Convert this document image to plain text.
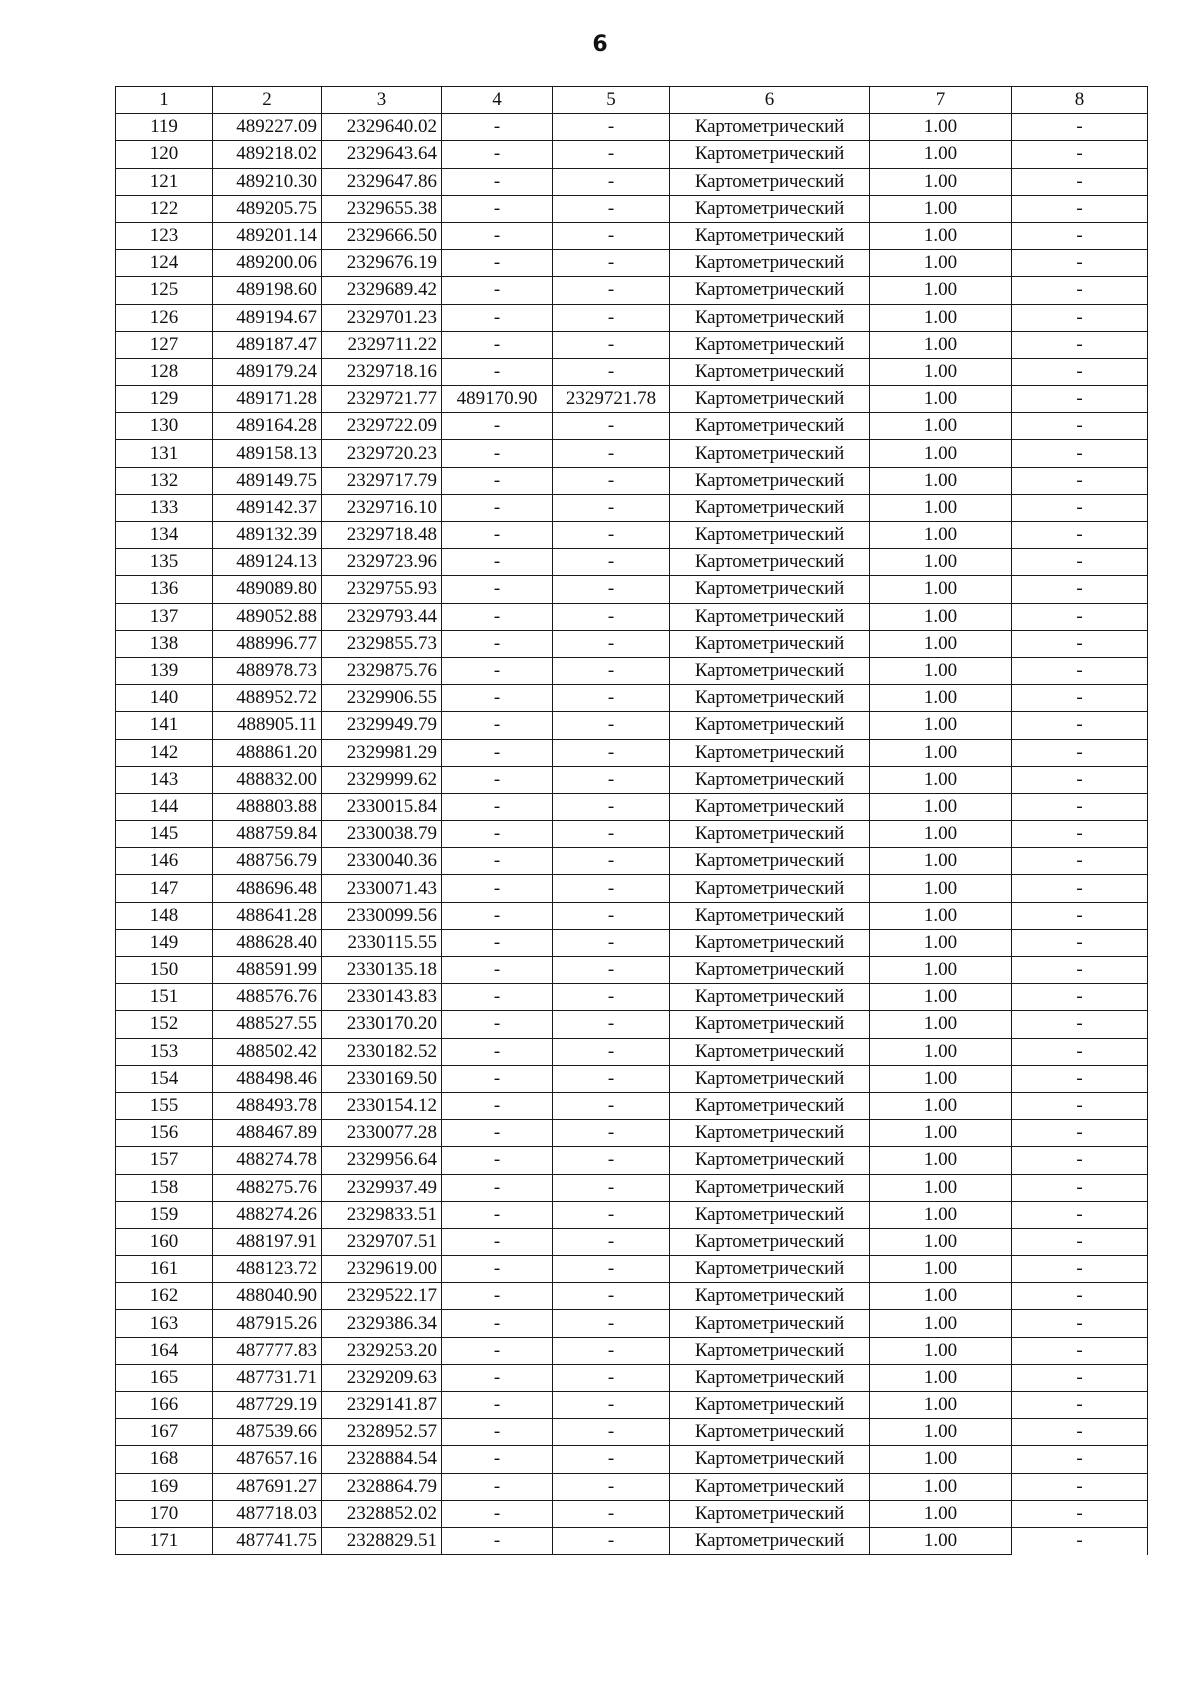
6
1	2	3	4	5	6	7	8
119	489227.09	2329640.02	-	-	Картометрический	1.00	-
120	489218.02	2329643.64	-	-	Картометрический	1.00	-
121	489210.30	2329647.86	-	-	Картометрический	1.00	-
122	489205.75	2329655.38	-	-	Картометрический	1.00	-
123	489201.14	2329666.50	-	-	Картометрический	1.00	-
124	489200.06	2329676.19	-	-	Картометрический	1.00	-
125	489198.60	2329689.42	-	-	Картометрический	1.00	-
126	489194.67	2329701.23	-	-	Картометрический	1.00	-
127	489187.47	2329711.22	-	-	Картометрический	1.00	-
128	489179.24	2329718.16	-	-	Картометрический	1.00	-
129	489171.28	2329721.77	489170.90	2329721.78	Картометрический	1.00	-
130	489164.28	2329722.09	-	-	Картометрический	1.00	-
131	489158.13	2329720.23	-	-	Картометрический	1.00	-
132	489149.75	2329717.79	-	-	Картометрический	1.00	-
133	489142.37	2329716.10	-	-	Картометрический	1.00	-
134	489132.39	2329718.48	-	-	Картометрический	1.00	-
135	489124.13	2329723.96	-	-	Картометрический	1.00	-
136	489089.80	2329755.93	-	-	Картометрический	1.00	-
137	489052.88	2329793.44	-	-	Картометрический	1.00	-
138	488996.77	2329855.73	-	-	Картометрический	1.00	-
139	488978.73	2329875.76	-	-	Картометрический	1.00	-
140	488952.72	2329906.55	-	-	Картометрический	1.00	-
141	488905.11	2329949.79	-	-	Картометрический	1.00	-
142	488861.20	2329981.29	-	-	Картометрический	1.00	-
143	488832.00	2329999.62	-	-	Картометрический	1.00	-
144	488803.88	2330015.84	-	-	Картометрический	1.00	-
145	488759.84	2330038.79	-	-	Картометрический	1.00	-
146	488756.79	2330040.36	-	-	Картометрический	1.00	-
147	488696.48	2330071.43	-	-	Картометрический	1.00	-
148	488641.28	2330099.56	-	-	Картометрический	1.00	-
149	488628.40	2330115.55	-	-	Картометрический	1.00	-
150	488591.99	2330135.18	-	-	Картометрический	1.00	-
151	488576.76	2330143.83	-	-	Картометрический	1.00	-
152	488527.55	2330170.20	-	-	Картометрический	1.00	-
153	488502.42	2330182.52	-	-	Картометрический	1.00	-
154	488498.46	2330169.50	-	-	Картометрический	1.00	-
155	488493.78	2330154.12	-	-	Картометрический	1.00	-
156	488467.89	2330077.28	-	-	Картометрический	1.00	-
157	488274.78	2329956.64	-	-	Картометрический	1.00	-
158	488275.76	2329937.49	-	-	Картометрический	1.00	-
159	488274.26	2329833.51	-	-	Картометрический	1.00	-
160	488197.91	2329707.51	-	-	Картометрический	1.00	-
161	488123.72	2329619.00	-	-	Картометрический	1.00	-
162	488040.90	2329522.17	-	-	Картометрический	1.00	-
163	487915.26	2329386.34	-	-	Картометрический	1.00	-
164	487777.83	2329253.20	-	-	Картометрический	1.00	-
165	487731.71	2329209.63	-	-	Картометрический	1.00	-
166	487729.19	2329141.87	-	-	Картометрический	1.00	-
167	487539.66	2328952.57	-	-	Картометрический	1.00	-
168	487657.16	2328884.54	-	-	Картометрический	1.00	-
169	487691.27	2328864.79	-	-	Картометрический	1.00	-
170	487718.03	2328852.02	-	-	Картометрический	1.00	-
171	487741.75	2328829.51	-	-	Картометрический	1.00	-
